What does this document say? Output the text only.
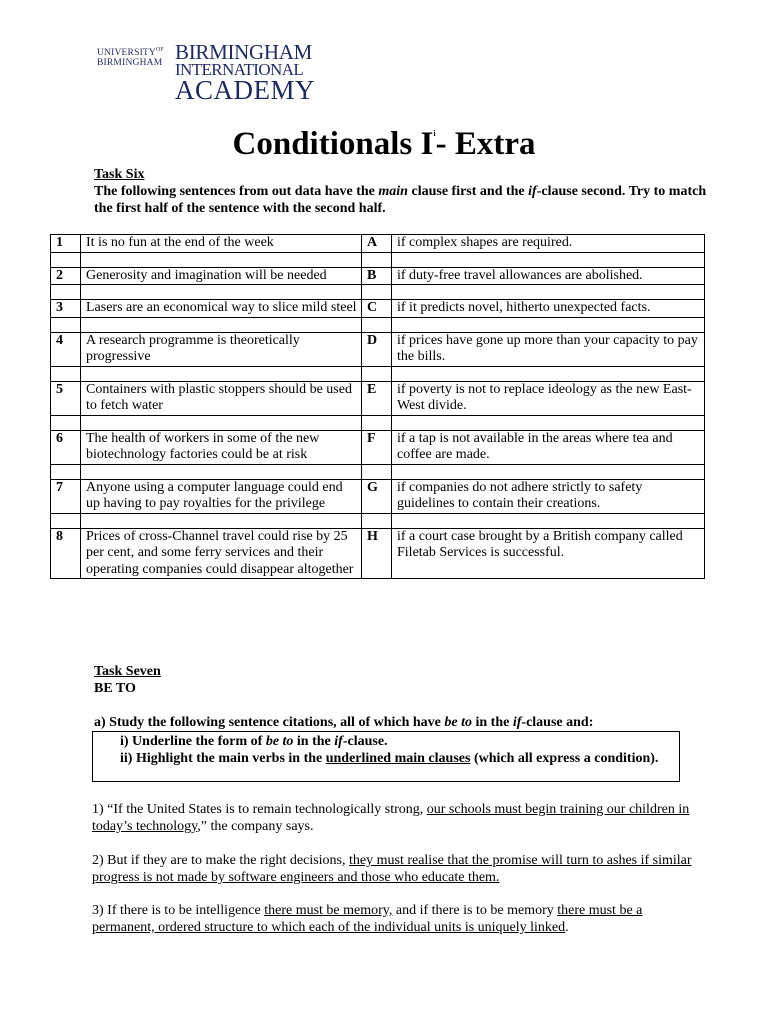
$UNIVERSITY^{OF}$
BIRMINGHAM BIRMINGHAM
INTERNATIONAL
ACADEMY
Conditionals $I^i-$ Extra
Task Six
The following sentences from out data have the main clause first and the if-clause second. Try to match the first half of the sentence with the second half.
1	It is no fun at the end of the week	A	if complex shapes are required.

2	Generosity and imagination will be needed	B	if duty-free travel allowances are abolished.

3	Lasers are an economical way to slice mild steel	C	if it predicts novel, hitherto unexpected facts.

4	A research programme is theoretically progressive	D	if prices have gone up more than your capacity to pay the bills.

5	Containers with plastic stoppers should be used to fetch water	E	if poverty is not to replace ideology as the new East-West divide.

6	The health of workers in some of the new biotechnology factories could be at risk	F	if a tap is not available in the areas where tea and coffee are made.

7	Anyone using a computer language could end up having to pay royalties for the privilege	G	if companies do not adhere strictly to safety guidelines to contain their creations.

8	Prices of cross-Channel travel could rise by 25 per cent, and some ferry services and their operating companies could disappear altogether	H	if a court case brought by a British company called Filetab Services is successful.
Task Seven
BE TO
a) Study the following sentence citations, all of which have be to in the if-clause and:
i) Underline the form of be to in the if-clause.
ii) Highlight the main verbs in the underlined main clauses (which all express a condition).
1) “If the United States is to remain technologically strong, our schools must begin training our children in today’s technology,” the company says.
2) But if they are to make the right decisions, they must realise that the promise will turn to ashes if similar progress is not made by software engineers and those who educate them.
3) If there is to be intelligence there must be memory, and if there is to be memory there must be a permanent, ordered structure to which each of the individual units is uniquely linked.
